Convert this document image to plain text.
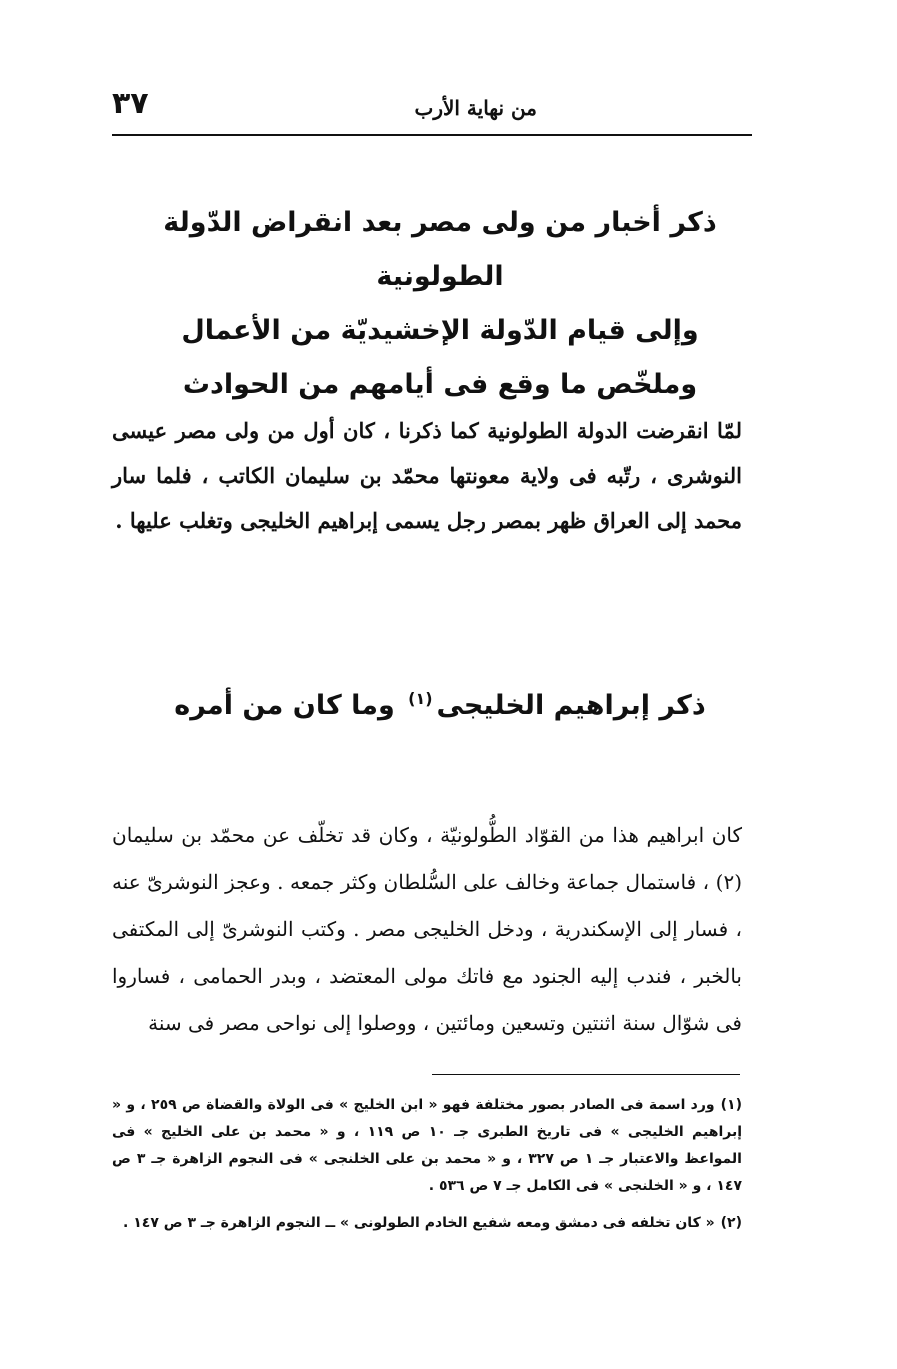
٣٧	من نهاية الأرب
ذكر أخبار من ولى مصر بعد انقراض الدّولة الطولونية
وإلى قيام الدّولة الإخشيديّة من الأعمال
وملخّص ما وقع فى أيامهم من الحوادث

لمّا انقرضت الدولة الطولونية كما ذكرنا ، كان أول من ولى مصر عيسى النوشرى ، رتّبه فى ولاية معونتها محمّد بن سليمان الكاتب ، فلما سار محمد إلى العراق ظهر بمصر رجل يسمى إبراهيم الخليجى وتغلب عليها .

ذكر إبراهيم الخليجى$^{(١)}$ وما كان من أمره

كان ابراهيم هذا من القوّاد الطُّولونيّة ، وكان قد تخلّف عن محمّد بن سليمان (٢) ، فاستمال جماعة وخالف على السُّلطان وكثر جمعه . وعجز النوشرىّ عنه ، فسار إلى الإسكندرية ، ودخل الخليجى مصر . وكتب النوشرىّ إلى المكتفى بالخبر ، فندب إليه الجنود مع فاتك مولى المعتضد ، وبدر الحمامى ، فساروا فى شوّال سنة اثنتين وتسعين ومائتين ، ووصلوا إلى نواحى مصر فى سنة

(١)ورد اسمة فى الصادر بصور مختلفة فهو « ابن الخليج » فى الولاة والقضاة ص ٢٥٩ ، و « إبراهيم الخليجى » فى تاريخ الطبرى جـ ١٠ ص ١١٩ ، و « محمد بن على الخليج » فى المواعظ والاعتبار جـ ١ ص ٣٢٧ ، و « محمد بن على الخلنجى » فى النجوم الزاهرة جـ ٣ ص ١٤٧ ، و « الخلنجى » فى الكامل جـ ٧ ص ٥٣٦ .

(٢)« كان تخلفه فى دمشق ومعه شفيع الخادم الطولونى » ــ النجوم الزاهرة جـ ٣ ص ١٤٧ .
